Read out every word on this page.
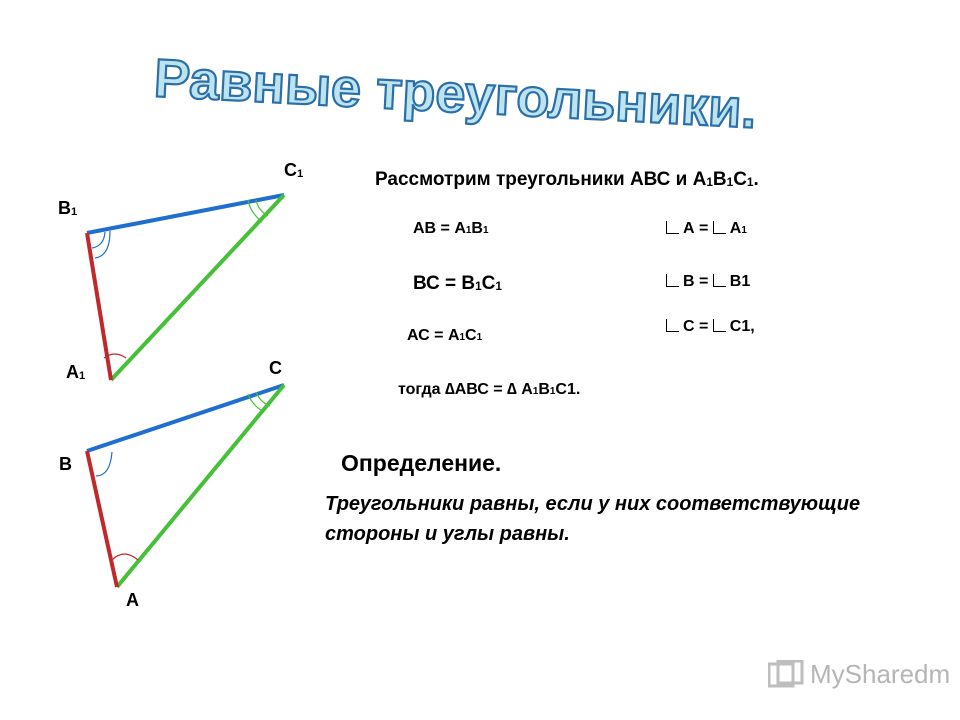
Равные треугольники.
$C_1$
$B_1$
$A_1$	C
B
A
Рассмотрим треугольники АВС и $А_1В_1С_1$.
АВ = $А_1В_1$
ВС = $В_1С_1$
АС = $А_1С_1$
$А = А_1$
В = В1
С = С1,
тогда ∆АВС = ∆ $А_1В_1С1$.
Определение.
Треугольники равны, если у них соответствующие стороны и углы равны.
MySharedm
